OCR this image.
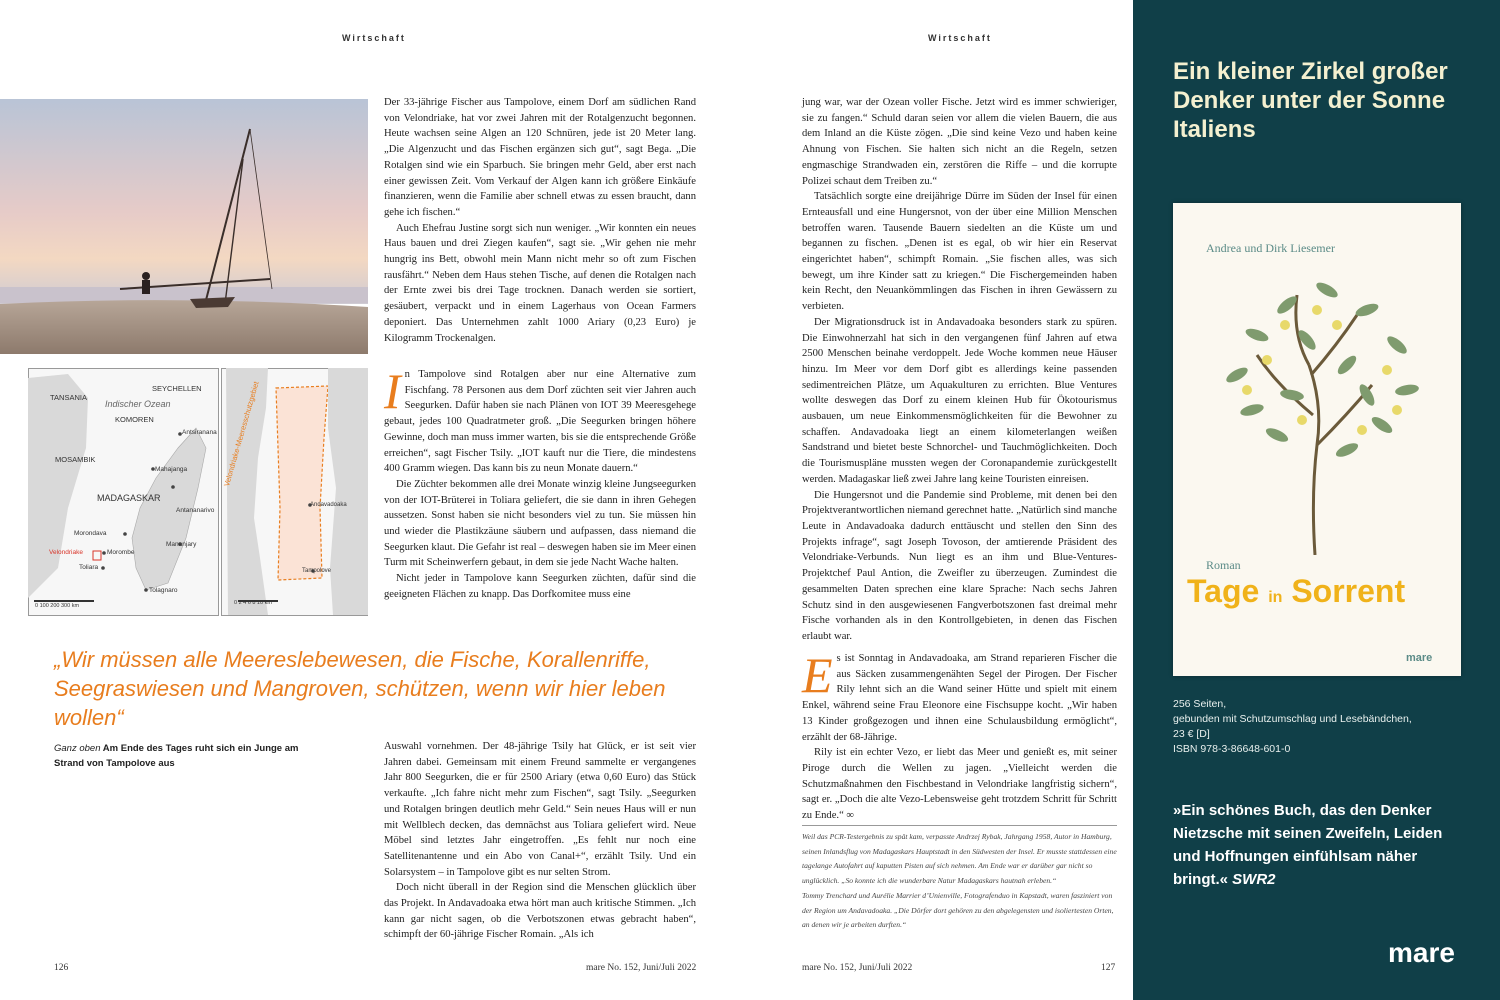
Wirtschaft
TANSANIA
SEYCHELLEN
Indischer Ozean
KOMOREN
Antsiranana
MOSAMBIK
Mahajanga
MADAGASKAR
Antananarivo
Morondava
Velondriake	Morombe
Mananjary
Toliara
Tolagnaro
0 100 200 300 km
Velondriake-Meeresschutzgebiet
Andavadoaka
Tampolove
0 2 4 6 8 10 km

Der 33-jährige Fischer aus Tampolove, einem Dorf am südlichen Rand von Velondriake, hat vor zwei Jahren mit der Rotalgenzucht begonnen. Heute wachsen seine Algen an 120 Schnüren, jede ist 20 Meter lang. „Die Algenzucht und das Fischen ergänzen sich gut“, sagt Bega. „Die Rotalgen sind wie ein Sparbuch. Sie bringen mehr Geld, aber erst nach einer gewissen Zeit. Vom Verkauf der Algen kann ich größere Einkäufe finanzieren, wenn die Familie aber schnell etwas zu essen braucht, dann gehe ich fischen.“

Auch Ehefrau Justine sorgt sich nun weniger. „Wir konnten ein neues Haus bauen und drei Ziegen kaufen“, sagt sie. „Wir gehen nie mehr hungrig ins Bett, obwohl mein Mann nicht mehr so oft zum Fischen rausfährt.“ Neben dem Haus stehen Tische, auf denen die Rotalgen nach der Ernte zwei bis drei Tage trocknen. Danach werden sie sortiert, gesäubert, verpackt und in einem Lagerhaus von Ocean Farmers deponiert. Das Unternehmen zahlt 1000 Ariary (0,23 Euro) je Kilogramm Trockenalgen.

I n Tampolove sind Rotalgen aber nur eine Alternative zum Fischfang. 78 Personen aus dem Dorf züchten seit vier Jahren auch Seegurken. Dafür haben sie nach Plänen von IOT 39 Meeresgehege gebaut, jedes 100 Quadratmeter groß. „Die Seegurken bringen höhere Gewinne, doch man muss immer warten, bis sie die entsprechende Größe erreichen“, sagt Fischer Tsily. „IOT kauft nur die Tiere, die mindestens 400 Gramm wiegen. Das kann bis zu neun Monate dauern.“

Die Züchter bekommen alle drei Monate winzig kleine Jungseegurken von der IOT-Brüterei in Toliara geliefert, die sie dann in ihren Gehegen aussetzen. Sonst haben sie nicht besonders viel zu tun. Sie müssen hin und wieder die Plastikzäune säubern und aufpassen, dass niemand die Seegurken klaut. Die Gefahr ist real – deswegen haben sie im Meer einen Turm mit Scheinwerfern gebaut, in dem sie jede Nacht Wache halten.

Nicht jeder in Tampolove kann Seegurken züchten, dafür sind die geeigneten Flächen zu knapp. Das Dorfkomitee muss eine

„Wir müssen alle Meereslebewesen, die Fische, Korallenriffe, Seegraswiesen und Mangroven, schützen, wenn wir hier leben wollen“
Ganz oben Am Ende des Tages ruht sich ein Junge am Strand von Tampolove aus

Auswahl vornehmen. Der 48-jährige Tsily hat Glück, er ist seit vier Jahren dabei. Gemeinsam mit einem Freund sammelte er vergangenes Jahr 800 Seegurken, die er für 2500 Ariary (etwa 0,60 Euro) das Stück verkaufte. „Ich fahre nicht mehr zum Fischen“, sagt Tsily. „Seegurken und Rotalgen bringen deutlich mehr Geld.“ Sein neues Haus will er nun mit Wellblech decken, das demnächst aus Toliara geliefert wird. Neue Möbel sind letztes Jahr eingetroffen. „Es fehlt nur noch eine Satellitenantenne und ein Abo von Canal+“, erzählt Tsily. Und ein Solarsystem – in Tampolove gibt es nur selten Strom.

Doch nicht überall in der Region sind die Menschen glücklich über das Projekt. In Andavadoaka etwa hört man auch kritische Stimmen. „Ich kann gar nicht sagen, ob die Verbotszonen etwas gebracht haben“, schimpft der 60-jährige Fischer Romain. „Als ich

126	mare No. 152, Juni/Juli 2022
Wirtschaft

jung war, war der Ozean voller Fische. Jetzt wird es immer schwieriger, sie zu fangen.“ Schuld daran seien vor allem die vielen Bauern, die aus dem Inland an die Küste zögen. „Die sind keine Vezo und haben keine Ahnung von Fischen. Sie halten sich nicht an die Regeln, setzen engmaschige Strandwaden ein, zerstören die Riffe – und die korrupte Polizei schaut dem Treiben zu.“

Tatsächlich sorgte eine dreijährige Dürre im Süden der Insel für einen Ernteausfall und eine Hungersnot, von der über eine Million Menschen betroffen waren. Tausende Bauern siedelten an die Küste um und begannen zu fischen. „Denen ist es egal, ob wir hier ein Reservat eingerichtet haben“, schimpft Romain. „Sie fischen alles, was sich bewegt, um ihre Kinder satt zu kriegen.“ Die Fischergemeinden haben kein Recht, den Neuankömmlingen das Fischen in ihren Gewässern zu verbieten.

Der Migrationsdruck ist in Andavadoaka besonders stark zu spüren. Die Einwohnerzahl hat sich in den vergangenen fünf Jahren auf etwa 2500 Menschen beinahe verdoppelt. Jede Woche kommen neue Häuser hinzu. Im Meer vor dem Dorf gibt es allerdings keine passenden sedimentreichen Plätze, um Aquakulturen zu errichten. Blue Ventures wollte deswegen das Dorf zu einem kleinen Hub für Ökotourismus ausbauen, um neue Einkommensmöglichkeiten für die Bewohner zu schaffen. Andavadoaka liegt an einem kilometerlangen weißen Sandstrand und bietet beste Schnorchel- und Tauchmöglichkeiten. Doch die Tourismuspläne mussten wegen der Coronapandemie zurückgestellt werden. Madagaskar ließ zwei Jahre lang keine Touristen einreisen.

Die Hungersnot und die Pandemie sind Probleme, mit denen bei den Projektverantwortlichen niemand gerechnet hatte. „Natürlich sind manche Leute in Andavadoaka dadurch enttäuscht und stellen den Sinn des Projekts infrage“, sagt Joseph Tovoson, der amtierende Präsident des Velondriake-Verbunds. Nun liegt es an ihm und Blue-Ventures-Projektchef Paul Antion, die Zweifler zu überzeugen. Zumindest die gesammelten Daten sprechen eine klare Sprache: Nach sechs Jahren Schutz sind in den ausgewiesenen Fangverbotszonen fast dreimal mehr Fische vorhanden als in den Kontrollgebieten, in denen das Fischen erlaubt war.

E s ist Sonntag in Andavadoaka, am Strand reparieren Fischer die aus Säcken zusammengenähten Segel der Pirogen. Der Fischer Rily lehnt sich an die Wand seiner Hütte und spielt mit einem Enkel, während seine Frau Eleonore eine Fischsuppe kocht. „Wir haben 13 Kinder großgezogen und ihnen eine Schulausbildung ermöglicht“, erzählt der 68-Jährige.

Rily ist ein echter Vezo, er liebt das Meer und genießt es, mit seiner Piroge durch die Wellen zu jagen. „Vielleicht werden die Schutzmaßnahmen den Fischbestand in Velondriake langfristig sichern“, sagt er. „Doch die alte Vezo-Lebensweise geht trotzdem Schritt für Schritt zu Ende.“ ∞

Weil das PCR-Testergebnis zu spät kam, verpasste Andrzej Rybak, Jahrgang 1958, Autor in Hamburg, seinen Inlandsflug von Madagaskars Hauptstadt in den Südwesten der Insel. Er musste stattdessen eine tagelange Autofahrt auf kaputten Pisten auf sich nehmen. Am Ende war er darüber gar nicht so unglücklich. „So konnte ich die wunderbare Natur Madagaskars hautnah erleben.“
Tommy Trenchard und Aurélie Marrier d’Unienville, Fotografenduo in Kapstadt, waren fasziniert von der Region um Andavadoaka. „Die Dörfer dort gehören zu den abgelegensten und isoliertesten Orten, an denen wir je arbeiten durften.“
mare No. 152, Juni/Juli 2022	127
Ein kleiner Zirkel großer Denker unter der Sonne Italiens
Andrea und Dirk Liesemer
Roman
Tage in Sorrent
mare
256 Seiten,
gebunden mit Schutzumschlag und Lesebändchen,
23 € [D]
ISBN 978-3-86648-601-0
»Ein schönes Buch, das den Denker Nietzsche mit seinen Zweifeln, Leiden und Hoffnungen einfühlsam näher bringt.« SWR2
mare
